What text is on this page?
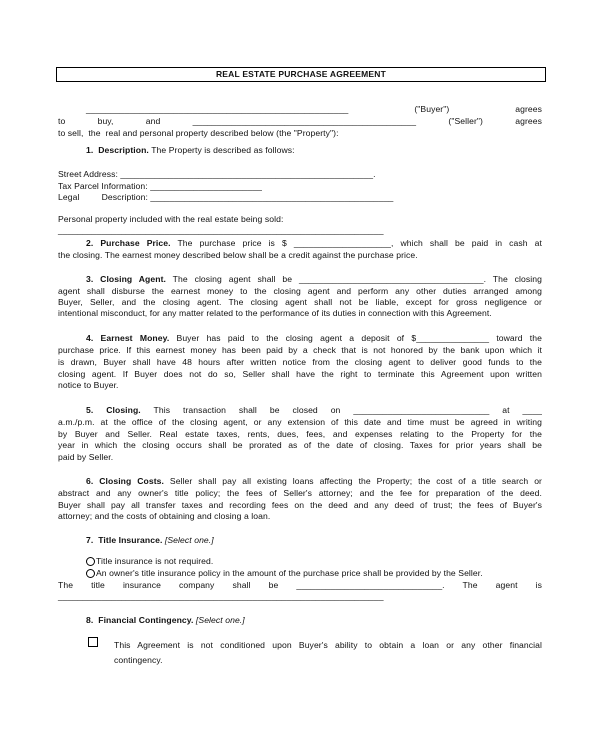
REAL ESTATE PURCHASE AGREEMENT
______________________________________________________ ("Buyer") agrees
to buy, and ______________________________________________ ("Seller") agrees
to sell,  the  real and personal property described below (the "Property"):
1.  Description. The Property is described as follows:
Street Address: ____________________________________________________.
Tax Parcel Information: _______________________
Legal         Description: __________________________________________________
Personal property included with the real estate being sold:
___________________________________________________________________
2. Purchase Price. The purchase price is $ ____________________, which shall be paid in cash at
the closing. The earnest money described below shall be a credit against the purchase price.
3. Closing Agent. The closing agent shall be ______________________________________. The closing
agent shall disburse the earnest money to the closing agent and perform any other duties arranged among
Buyer, Seller, and the closing agent. The closing agent shall not be liable, except for gross negligence or
intentional misconduct, for any matter related to the performance of its duties in connection with this Agreement.
4. Earnest Money. Buyer has paid to the closing agent a deposit of $_______________ toward the
purchase price. If this earnest money has been paid by a check that is not honored by the bank upon which it
is drawn, Buyer shall have 48 hours after written notice from the closing agent to deliver good funds to the
closing agent. If Buyer does not do so, Seller shall have the right to terminate this Agreement upon written
notice to Buyer.
5. Closing. This transaction shall be closed on ____________________________ at ____
a.m./p.m. at the office of the closing agent, or any extension of this date and time must be agreed in writing
by Buyer and Seller. Real estate taxes, rents, dues, fees, and expenses relating to the Property for the
year in which the closing occurs shall be prorated as of the date of closing. Taxes for prior years shall be
paid by Seller.
6. Closing Costs. Seller shall pay all existing loans affecting the Property; the cost of a title search or
abstract and any owner's title policy; the fees of Seller's attorney; and the fee for preparation of the deed.
Buyer shall pay all transfer taxes and recording fees on the deed and any deed of trust; the fees of Buyer's
attorney; and the costs of obtaining and closing a loan.
7.  Title Insurance. [Select one.]
Title insurance is not required.
An owner's title insurance policy in the amount of the purchase price shall be provided by the Seller.
The title insurance company shall be ______________________________. The agent is
___________________________________________________________________
8.  Financial Contingency. [Select one.]
This Agreement is not conditioned upon Buyer's ability to obtain a loan or any other financial
contingency.
